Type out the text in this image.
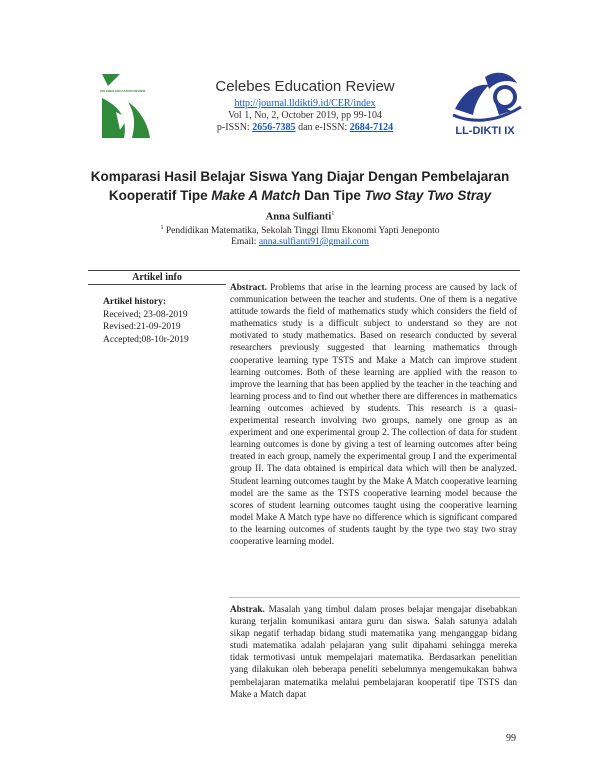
CELEBES EDUCATION REVIEW	Celebes Education Review
http://journal.lldikti9.id/CER/index
Vol 1, No, 2, October 2019, pp 99-104
p-ISSN: 2656-7385 dan e-ISSN: 2684-7124	LL-DIKTI IX
Komparasi Hasil Belajar Siswa Yang Diajar Dengan Pembelajaran Kooperatif Tipe Make A Match Dan Tipe Two Stay Two Stray
Anna Sulfianti$^1$
$^1$ Pendidikan Matematika, Sekolah Tinggi Ilmu Ekonomi Yapti Jeneponto
Email: anna.sulfianti91@gmail.com
Artikel info
Artikel history:
Received; 23-08-2019
Revised:21-09-2019
Accepted;08-10r-2019

Abstract. Problems that arise in the learning process are caused by lack of communication between the teacher and students. One of them is a negative attitude towards the field of mathematics study which considers the field of mathematics study is a difficult subject to understand so they are not motivated to study mathematics. Based on research conducted by several researchers previously suggested that learning mathematics through cooperative learning type TSTS and Make a Match can improve student learning outcomes. Both of these learning are applied with the reason to improve the learning that has been applied by the teacher in the teaching and learning process and to find out whether there are differences in mathematics learning outcomes achieved by students. This research is a quasi-experimental research involving two groups, namely one group as an experiment and one experimental group 2. The collection of data for student learning outcomes is done by giving a test of learning outcomes after being treated in each group, namely the experimental group I and the experimental group II. The data obtained is empirical data which will then be analyzed. Student learning outcomes taught by the Make A Match cooperative learning model are the same as the TSTS cooperative learning model because the scores of student learning outcomes taught using the cooperative learning model Make A Match type have no difference which is significant compared to the learning outcomes of students taught by the type two stay two stray cooperative learning model.

Abstrak. Masalah yang timbul dalam proses belajar mengajar disebabkan kurang terjalin komunikasi antara guru dan siswa. Salah satunya adalah sikap negatif terhadap bidang studi matematika yang menganggap bidang studi matematika adalah pelajaran yang sulit dipahami sehingga mereka tidak termotivasi untuk mempelajari matematika. Berdasarkan penelitian yang dilakukan oleh beberapa peneliti sebelumnya mengemukakan bahwa pembelajaran matematika melalui pembelajaran kooperatif tipe TSTS dan Make a Match dapat

99
